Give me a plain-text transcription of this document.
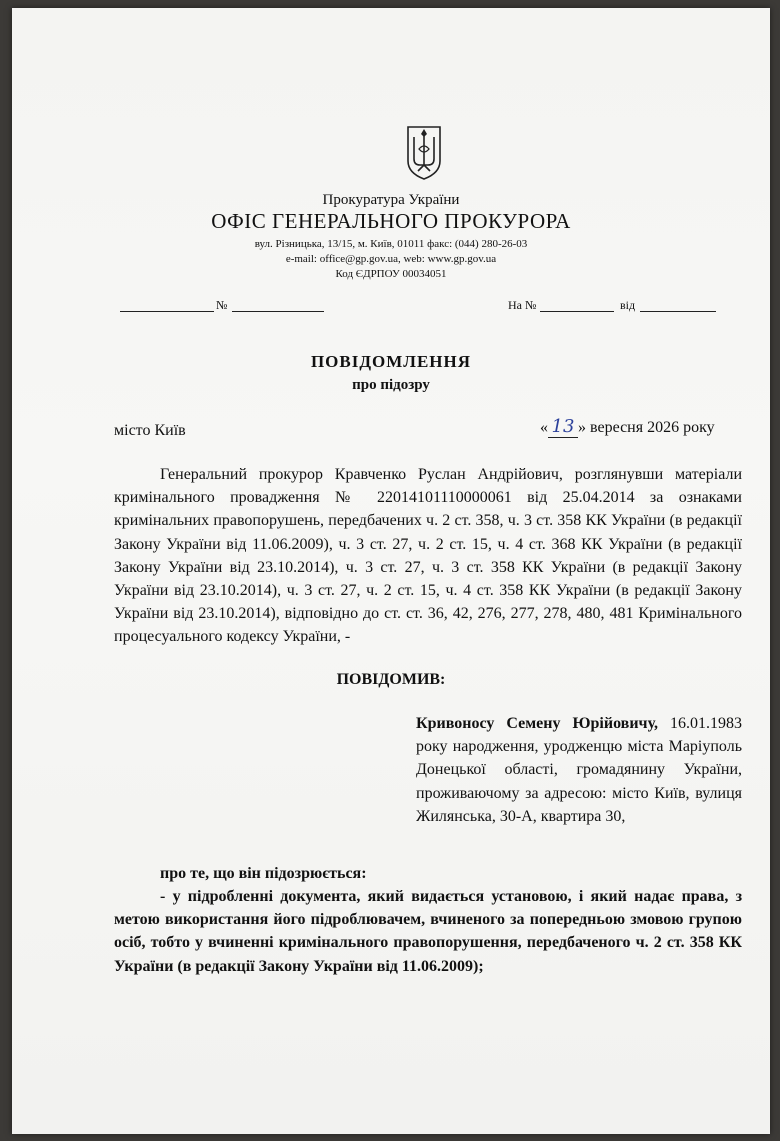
Прокуратура України
ОФІС ГЕНЕРАЛЬНОГО ПРОКУРОРА
вул. Різницька, 13/15, м. Київ, 01011 факс: (044) 280-26-03
e-mail: office@gp.gov.ua, web: www.gp.gov.ua
Код ЄДРПОУ 00034051
№	На №	від
ПОВІДОМЛЕННЯ
про підозру
місто Київ	« 13 » вересня 2026 року
Генеральний прокурор Кравченко Руслан Андрійович, розглянувши матеріали кримінального провадження № 22014101110000061 від 25.04.2014 за ознаками кримінальних правопорушень, передбачених ч. 2 ст. 358, ч. 3 ст. 358 КК України (в редакції Закону України від 11.06.2009), ч. 3 ст. 27, ч. 2 ст. 15, ч. 4 ст. 368 КК України (в редакції Закону України від 23.10.2014), ч. 3 ст. 27, ч. 3 ст. 358 КК України (в редакції Закону України від 23.10.2014), ч. 3 ст. 27, ч. 2 ст. 15, ч. 4 ст. 358 КК України (в редакції Закону України від 23.10.2014), відповідно до ст. ст. 36, 42, 276, 277, 278, 480, 481 Кримінального процесуального кодексу України, -
ПОВІДОМИВ:
Кривоносу Семену Юрійовичу, 16.01.1983 року народження, уродженцю міста Маріуполь Донецької області, громадянину України, проживаючому за адресою: місто Київ, вулиця Жилянська, 30-А, квартира 30,
про те, що він підозрюється:
- у підробленні документа, який видається установою, і який надає права, з метою використання його підроблювачем, вчиненого за попередньою змовою групою осіб, тобто у вчиненні кримінального правопорушення, передбаченого ч. 2 ст. 358 КК України (в редакції Закону України від 11.06.2009);
